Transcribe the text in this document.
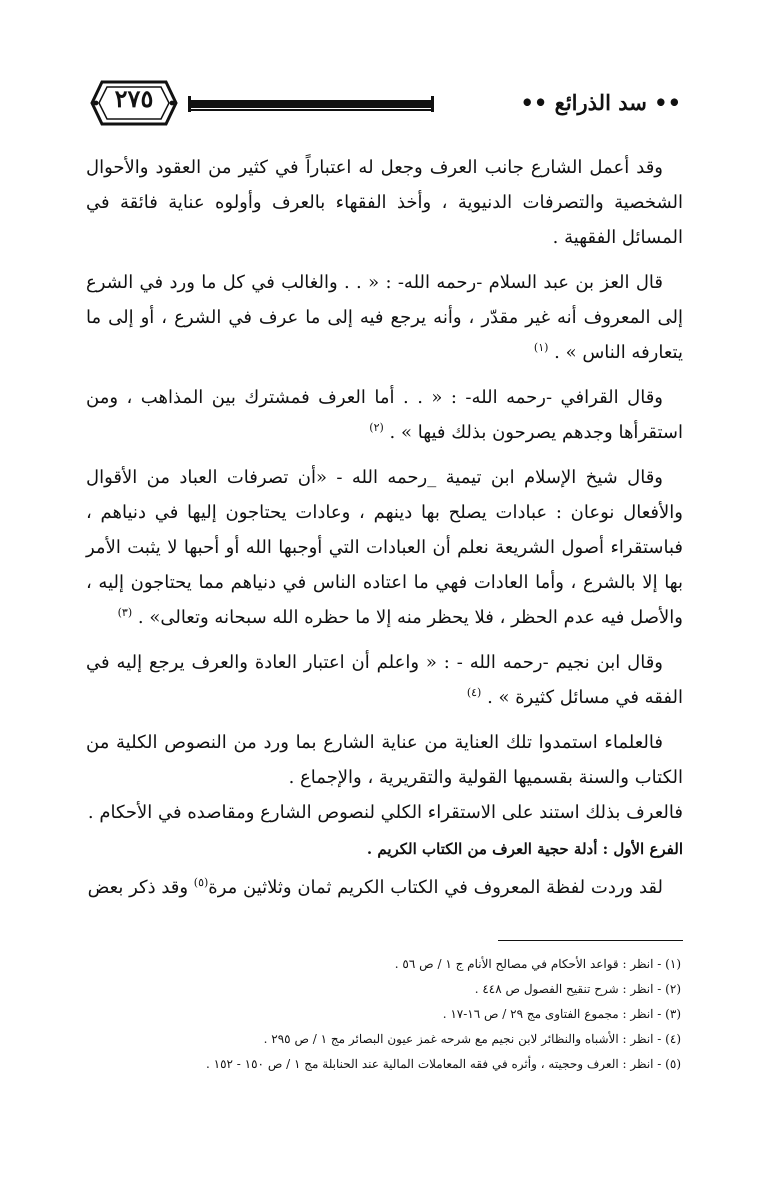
٢٧٥	•• سد الذرائع ••

وقد أعمل الشارع جانب العرف وجعل له اعتباراً في كثير من العقود والأحوال الشخصية والتصرفات الدنيوية ، وأخذ الفقهاء بالعرف وأولوه عناية فائقة في المسائل الفقهية .

قال العز بن عبد السلام -رحمه الله- : « . . والغالب في كل ما ورد في الشرع إلى المعروف أنه غير مقدّر ، وأنه يرجع فيه إلى ما عرف في الشرع ، أو إلى ما يتعارفه الناس » . $^{(١)}$

وقال القرافي -رحمه الله- : « . . أما العرف فمشترك بين المذاهب ، ومن استقرأها وجدهم يصرحون بذلك فيها » . $^{(٢)}$

وقال شيخ الإسلام ابن تيمية _رحمه الله - «أن تصرفات العباد من الأقوال والأفعال نوعان : عبادات يصلح بها دينهم ، وعادات يحتاجون إليها في دنياهم ، فباستقراء أصول الشريعة نعلم أن العبادات التي أوجبها الله أو أحبها لا يثبت الأمر بها إلا بالشرع ، وأما العادات فهي ما اعتاده الناس في دنياهم مما يحتاجون إليه ، والأصل فيه عدم الحظر ، فلا يحظر منه إلا ما حظره الله سبحانه وتعالى» . $^{(٣)}$

وقال ابن نجيم -رحمه الله - : « واعلم أن اعتبار العادة والعرف يرجع إليه في الفقه في مسائل كثيرة » . $^{(٤)}$

فالعلماء استمدوا تلك العناية من عناية الشارع بما ورد من النصوص الكلية من الكتاب والسنة بقسميها القولية والتقريرية ، والإجماع .

فالعرف بذلك استند على الاستقراء الكلي لنصوص الشارع ومقاصده في الأحكام .

الفرع الأول : أدلة حجية العرف من الكتاب الكريم .

لقد وردت لفظة المعروف في الكتاب الكريم ثمان وثلاثين مرة$^{(٥)}$ وقد ذكر بعض

(١) - انظر : قواعد الأحكام في مصالح الأنام ج ١ / ص ٥٦ .
(٢) - انظر : شرح تنقيح الفصول ص ٤٤٨ .
(٣) - انظر : مجموع الفتاوى مج ٢٩ / ص ١٦-١٧ .
(٤) - انظر : الأشباه والنظائر لابن نجيم مع شرحه غمز عيون البصائر مج ١ / ص ٢٩٥ .
(٥) - انظر : العرف وحجيته ، وأثره في فقه المعاملات المالية عند الحنابلة مج ١ / ص ١٥٠ - ١٥٢ .
